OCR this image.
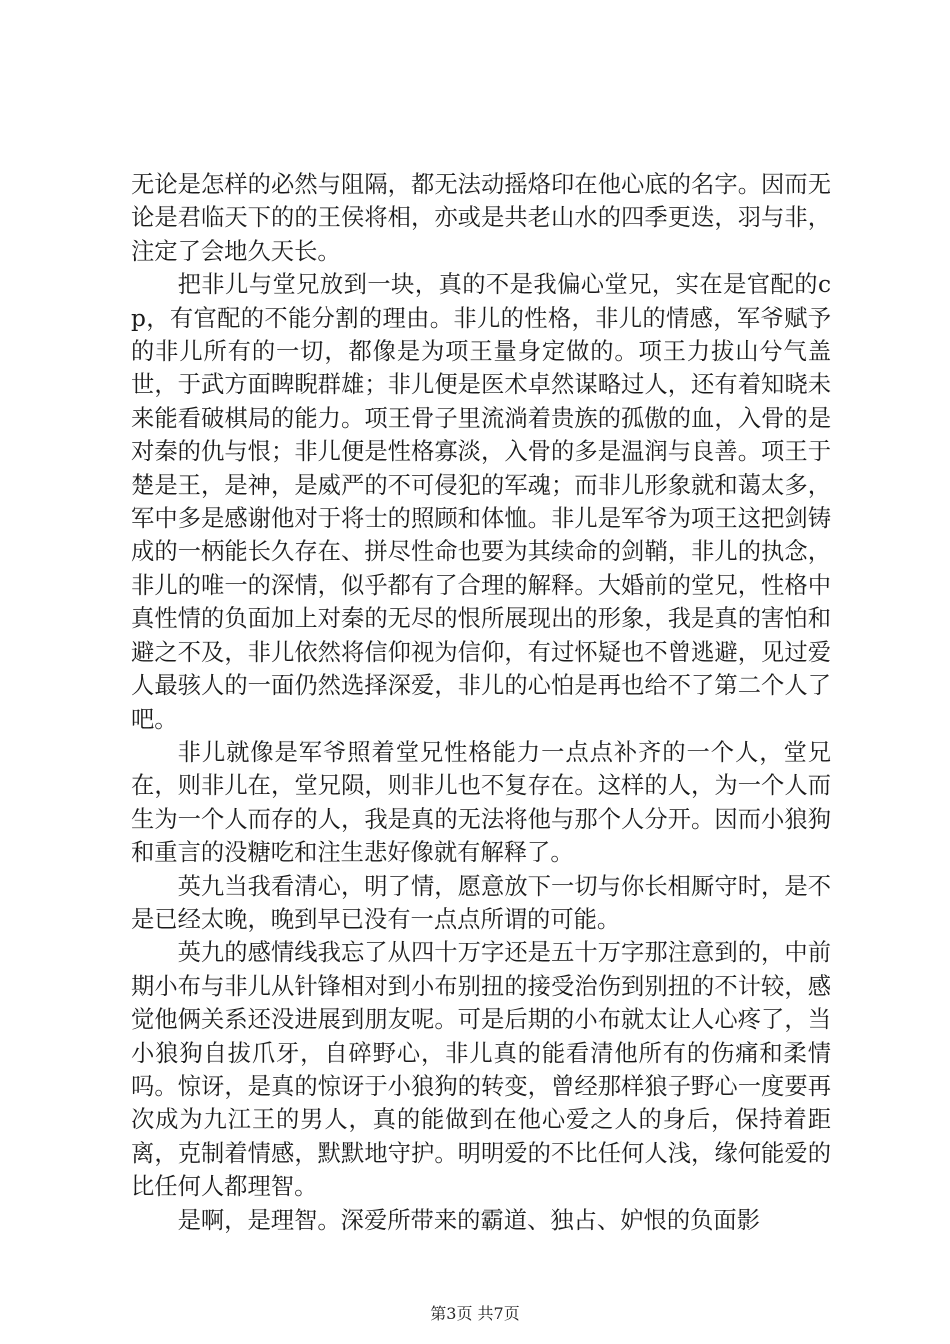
无论是怎样的必然与阻隔，都无法动摇烙印在他心底的名字。因而无论是君临天下的的王侯将相，亦或是共老山水的四季更迭，羽与非，注定了会地久天长。

把非儿与堂兄放到一块，真的不是我偏心堂兄，实在是官配的cp，有官配的不能分割的理由。非儿的性格，非儿的情感，军爷赋予的非儿所有的一切，都像是为项王量身定做的。项王力拔山兮气盖世，于武方面睥睨群雄；非儿便是医术卓然谋略过人，还有着知晓未来能看破棋局的能力。项王骨子里流淌着贵族的孤傲的血，入骨的是对秦的仇与恨；非儿便是性格寡淡，入骨的多是温润与良善。项王于楚是王，是神，是威严的不可侵犯的军魂；而非儿形象就和蔼太多，军中多是感谢他对于将士的照顾和体恤。非儿是军爷为项王这把剑铸成的一柄能长久存在、拼尽性命也要为其续命的剑鞘，非儿的执念，非儿的唯一的深情，似乎都有了合理的解释。大婚前的堂兄，性格中真性情的负面加上对秦的无尽的恨所展现出的形象，我是真的害怕和避之不及，非儿依然将信仰视为信仰，有过怀疑也不曾逃避，见过爱人最骇人的一面仍然选择深爱，非儿的心怕是再也给不了第二个人了吧。

非儿就像是军爷照着堂兄性格能力一点点补齐的一个人，堂兄在，则非儿在，堂兄陨，则非儿也不复存在。这样的人，为一个人而生为一个人而存的人，我是真的无法将他与那个人分开。因而小狼狗和重言的没糖吃和注生悲好像就有解释了。

英九当我看清心，明了情，愿意放下一切与你长相厮守时，是不是已经太晚，晚到早已没有一点点所谓的可能。

英九的感情线我忘了从四十万字还是五十万字那注意到的，中前期小布与非儿从针锋相对到小布别扭的接受治伤到别扭的不计较，感觉他俩关系还没进展到朋友呢。可是后期的小布就太让人心疼了，当小狼狗自拔爪牙，自碎野心，非儿真的能看清他所有的伤痛和柔情吗。惊讶，是真的惊讶于小狼狗的转变，曾经那样狼子野心一度要再次成为九江王的男人，真的能做到在他心爱之人的身后，保持着距离，克制着情感，默默地守护。明明爱的不比任何人浅，缘何能爱的比任何人都理智。

是啊，是理智。深爱所带来的霸道、独占、妒恨的负面影

第3页 共7页
